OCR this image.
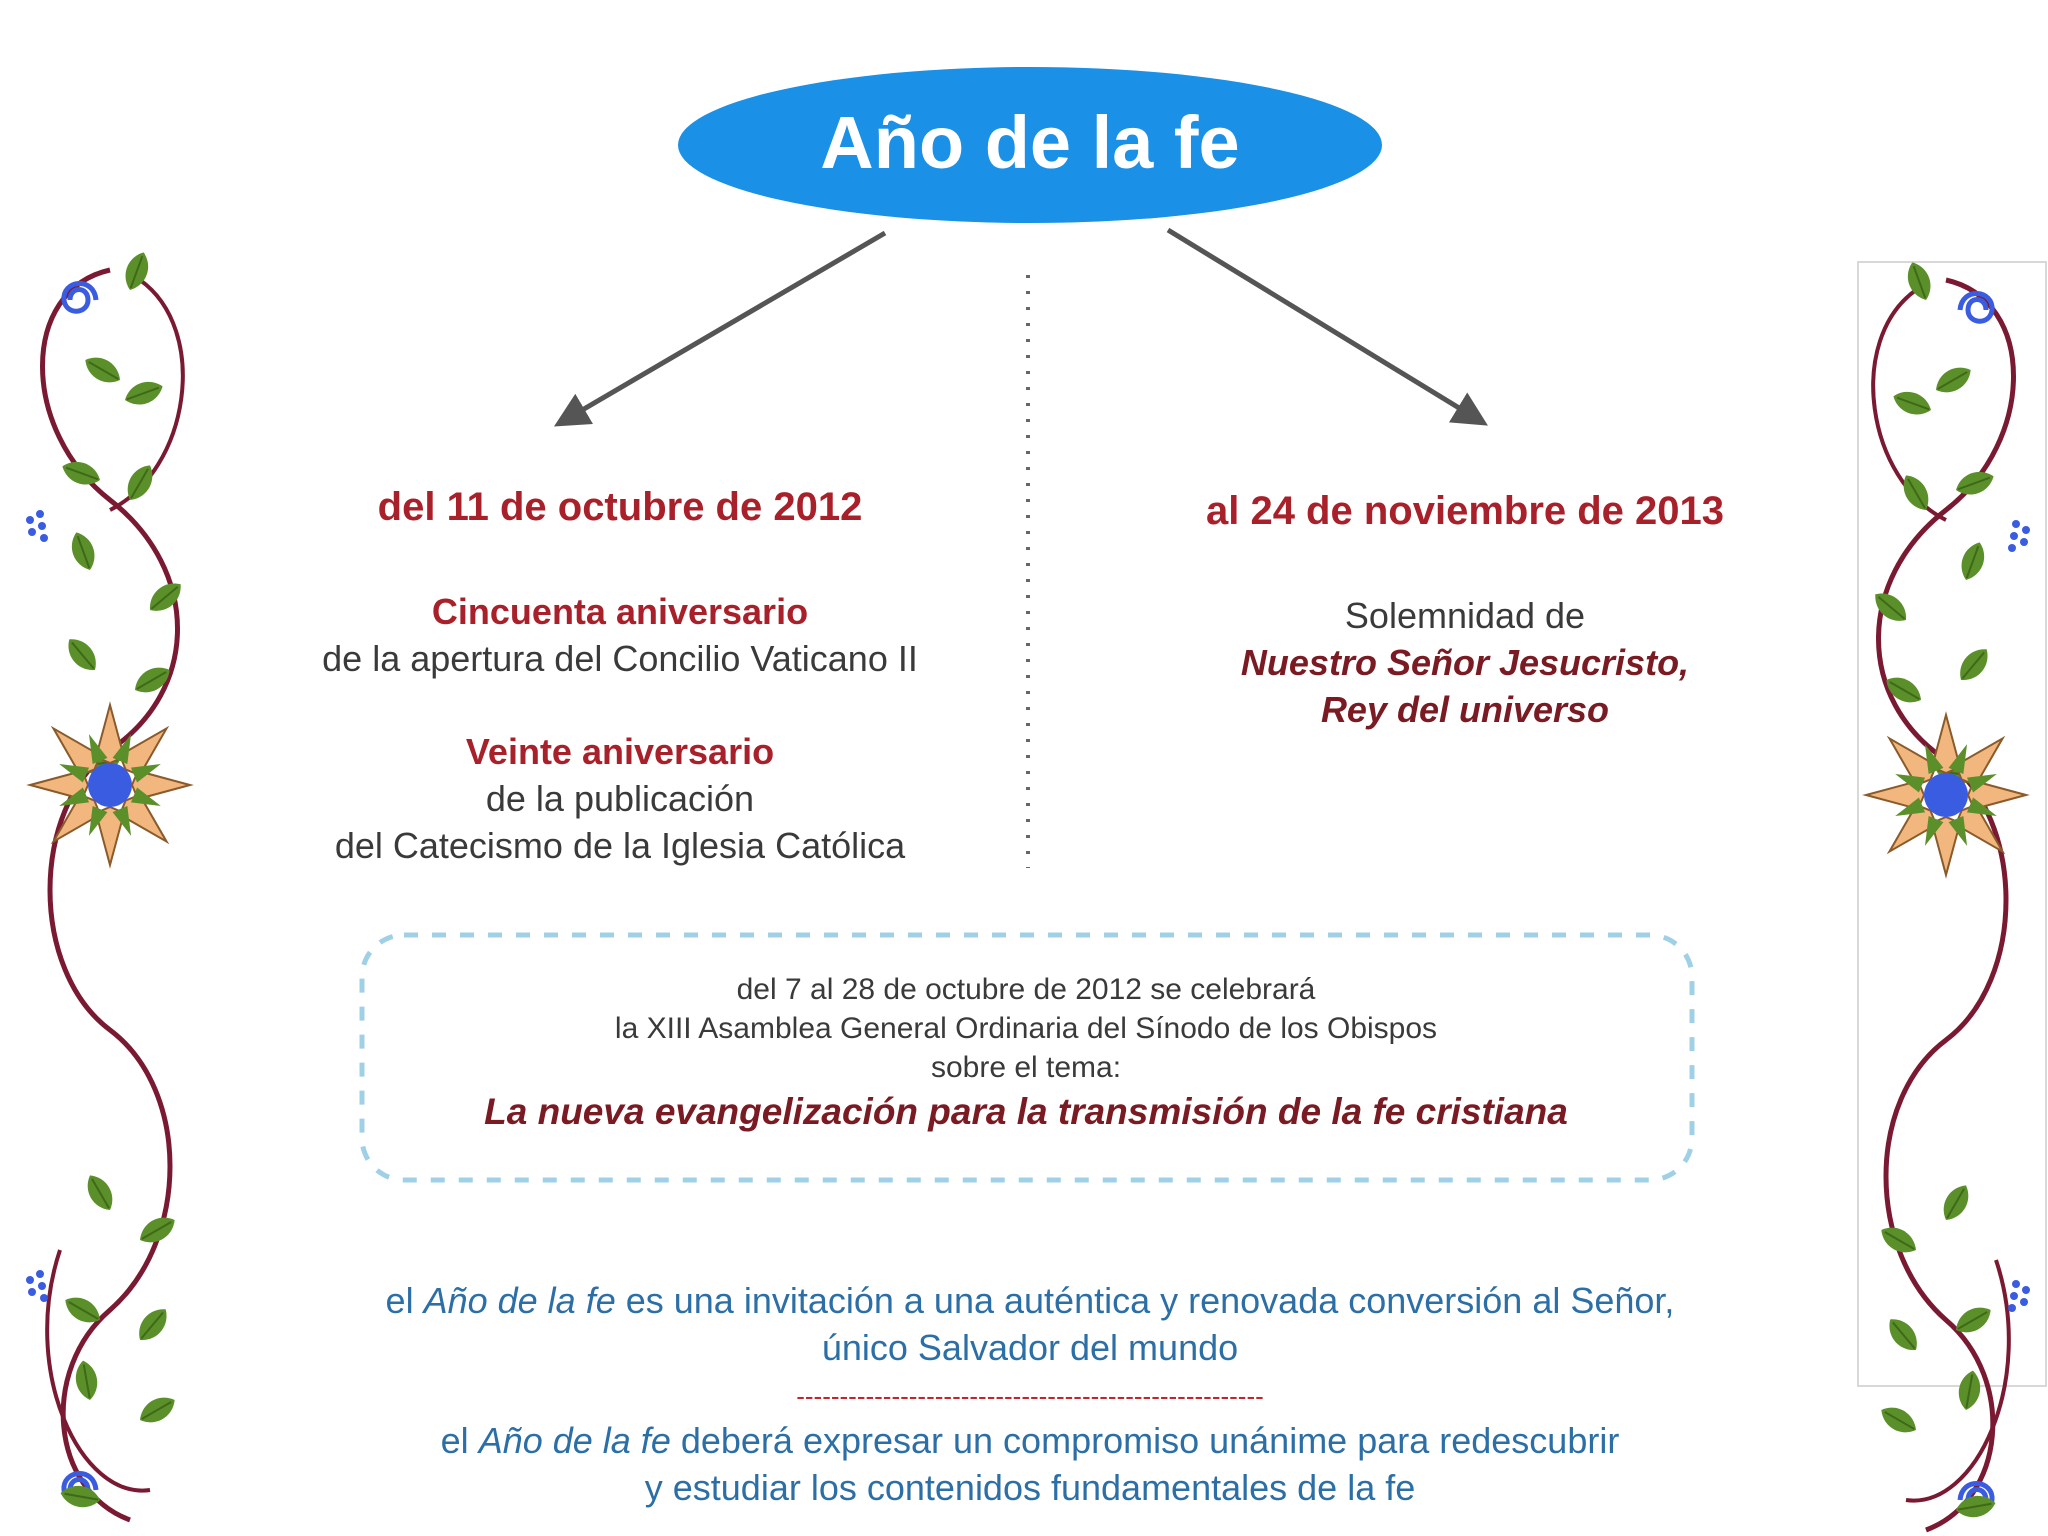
Año de la fe
del 11 de octubre de 2012
Cincuenta aniversario
de la apertura del Concilio Vaticano II
Veinte aniversario
de la publicación
del Catecismo de la Iglesia Católica
al 24 de noviembre de 2013
Solemnidad de
Nuestro Señor Jesucristo,
Rey del universo
del 7 al 28 de octubre de 2012 se celebrará
la XIII Asamblea General Ordinaria del Sínodo de los Obispos
sobre el tema:
La nueva evangelización para la transmisión de la fe cristiana
el Año de la fe es una invitación a una auténtica y renovada conversión al Señor,
único Salvador del mundo
------------------------------------------------------
el Año de la fe deberá expresar un compromiso unánime para redescubrir
y estudiar los contenidos fundamentales de la fe
